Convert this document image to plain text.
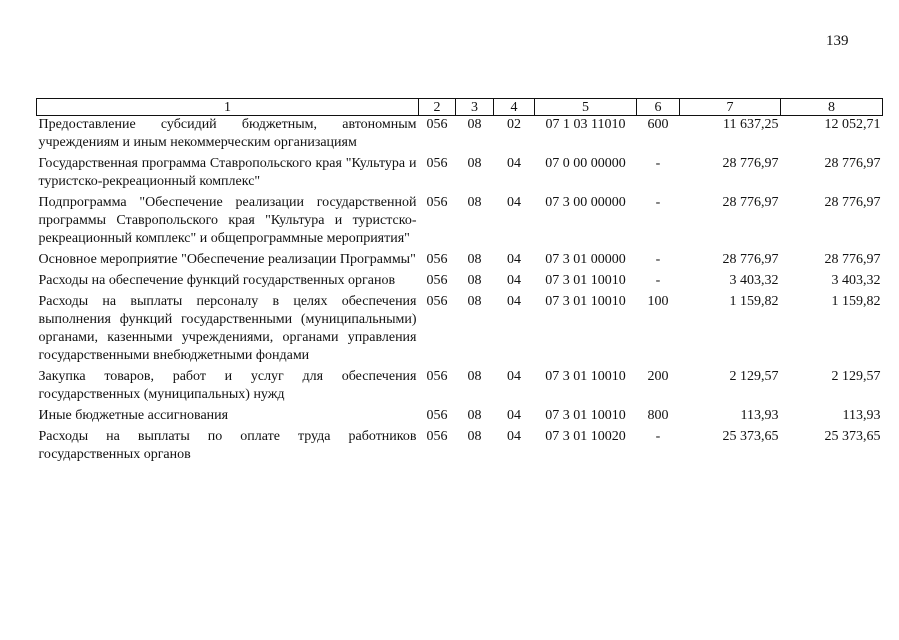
139
1	2	3	4	5	6	7	8
Предоставление субсидий бюджетным, автономным учреждениям и иным некоммерческим организациям	056	08	02	07 1 03 11010	600	11 637,25	12 052,71
Государственная программа Ставропольского края "Культура и туристско-рекреационный комплекс"	056	08	04	07 0 00 00000	-	28 776,97	28 776,97
Подпрограмма "Обеспечение реализации государственной программы Ставропольского края "Культура и туристско-рекреационный комплекс" и общепрограммные мероприятия"	056	08	04	07 3 00 00000	-	28 776,97	28 776,97
Основное мероприятие "Обеспечение реализации Программы"	056	08	04	07 3 01 00000	-	28 776,97	28 776,97
Расходы на обеспечение функций государственных органов	056	08	04	07 3 01 10010	-	3 403,32	3 403,32
Расходы на выплаты персоналу в целях обеспечения выполнения функций государственными (муниципальными) органами, казенными учреждениями, органами управления государственными внебюджетными фондами	056	08	04	07 3 01 10010	100	1 159,82	1 159,82
Закупка товаров, работ и услуг для обеспечения государственных (муниципальных) нужд	056	08	04	07 3 01 10010	200	2 129,57	2 129,57
Иные бюджетные ассигнования	056	08	04	07 3 01 10010	800	113,93	113,93
Расходы на выплаты по оплате труда работников государственных органов	056	08	04	07 3 01 10020	-	25 373,65	25 373,65
